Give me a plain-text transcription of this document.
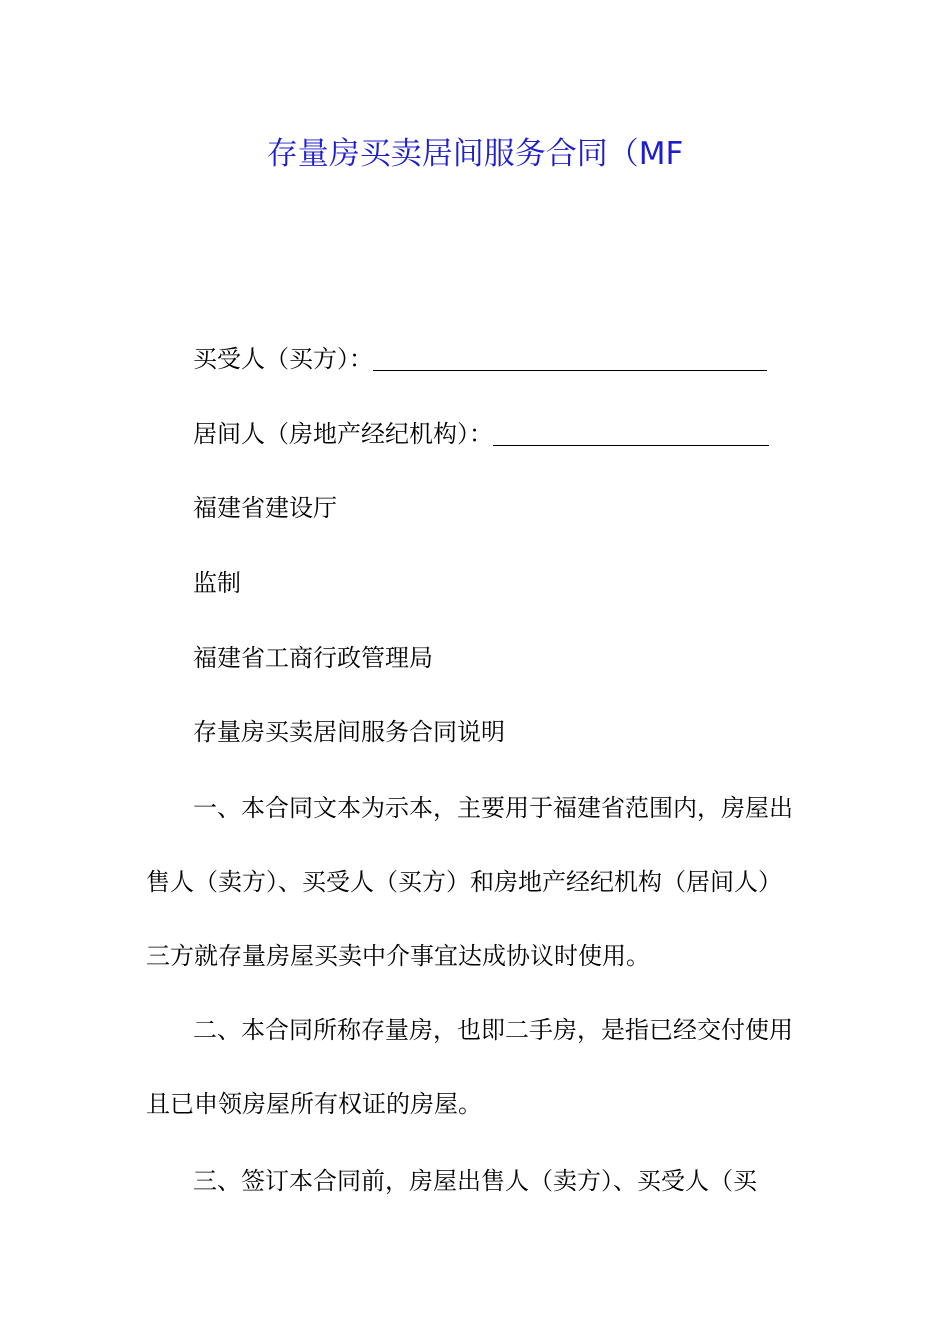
存量房买卖居间服务合同（MF
买受人（买方）：
居间人（房地产经纪机构）：

福建省建设厅

监制

福建省工商行政管理局

存量房买卖居间服务合同说明

一、本合同文本为示本，主要用于福建省范围内，房屋出
售人（卖方）、买受人（买方）和房地产经纪机构（居间人）
三方就存量房屋买卖中介事宜达成协议时使用。
二、本合同所称存量房，也即二手房，是指已经交付使用
且已申领房屋所有权证的房屋。
三、签订本合同前，房屋出售人（卖方）、买受人（买
